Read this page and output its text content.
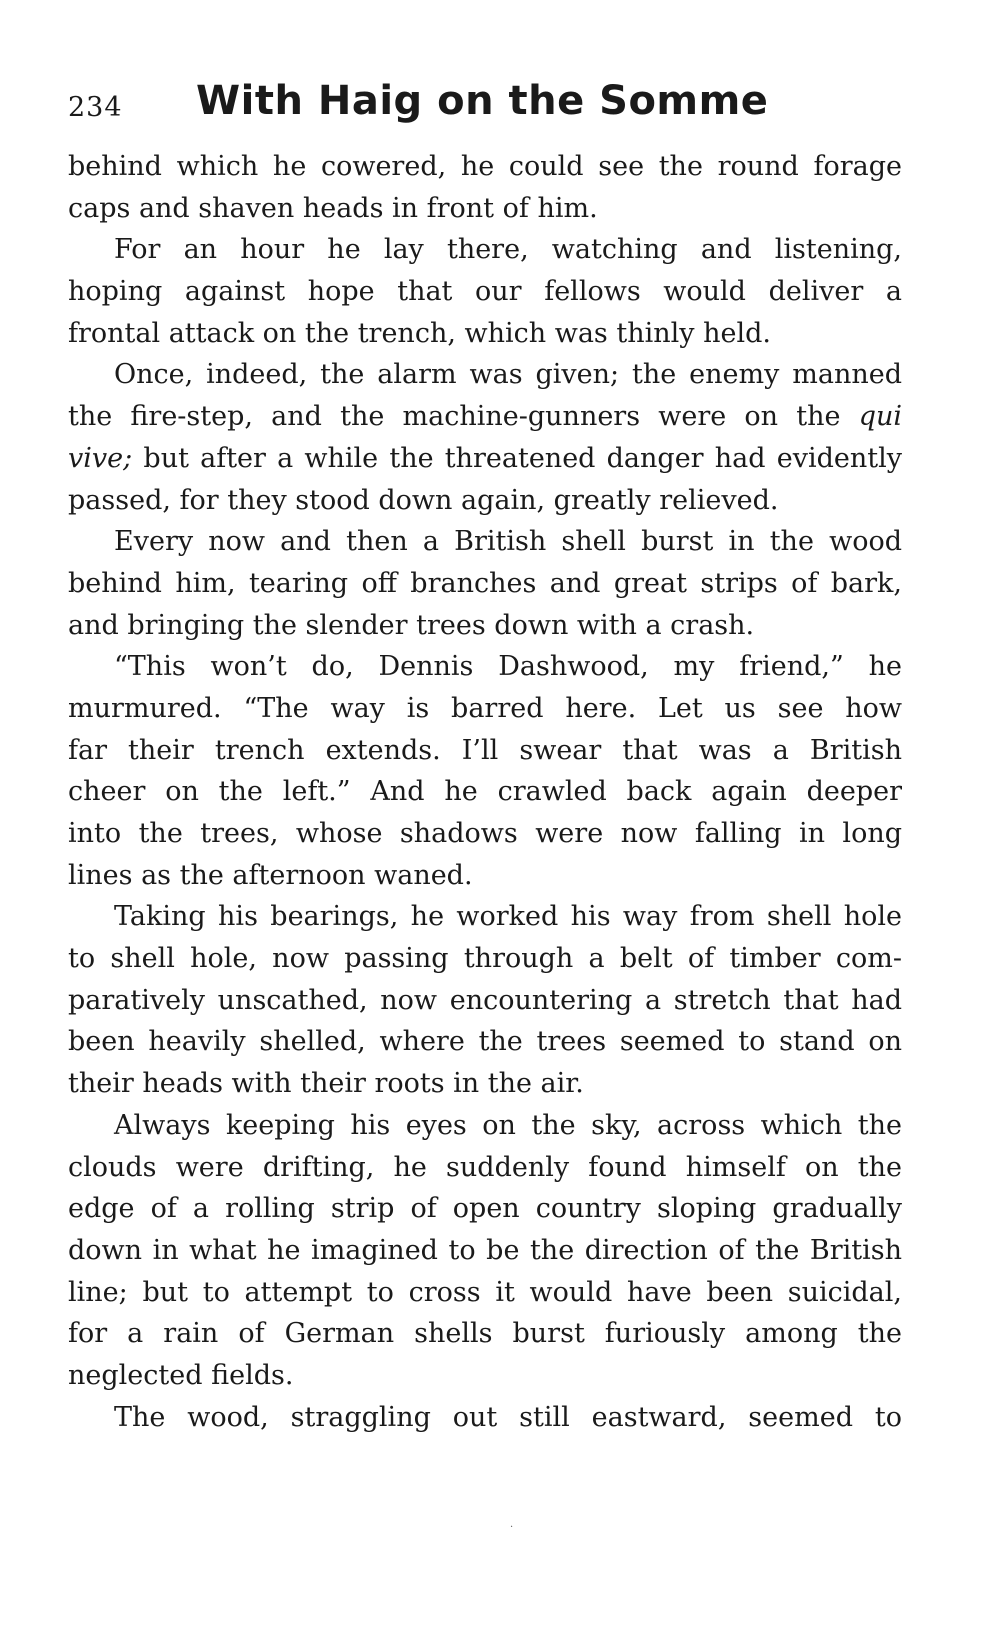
234 With Haig on the Somme
behind which he cowered, he could see the round forage
caps and shaven heads in front of him.
For an hour he lay there, watching and listening,
hoping against hope that our fellows would deliver a
frontal attack on the trench, which was thinly held.
Once, indeed, the alarm was given; the enemy manned
the fire-step, and the machine-gunners were on the qui
vive; but after a while the threatened danger had evidently
passed, for they stood down again, greatly relieved.
Every now and then a British shell burst in the wood
behind him, tearing off branches and great strips of bark,
and bringing the slender trees down with a crash.
“This won’t do, Dennis Dashwood, my friend,” he
murmured. “The way is barred here. Let us see how
far their trench extends. I’ll swear that was a British
cheer on the left.” And he crawled back again deeper
into the trees, whose shadows were now falling in long
lines as the afternoon waned.
Taking his bearings, he worked his way from shell hole
to shell hole, now passing through a belt of timber com-
paratively unscathed, now encountering a stretch that had
been heavily shelled, where the trees seemed to stand on
their heads with their roots in the air.
Always keeping his eyes on the sky, across which the
clouds were drifting, he suddenly found himself on the
edge of a rolling strip of open country sloping gradually
down in what he imagined to be the direction of the British
line; but to attempt to cross it would have been suicidal,
for a rain of German shells burst furiously among the
neglected fields.
The wood, straggling out still eastward, seemed to
·
